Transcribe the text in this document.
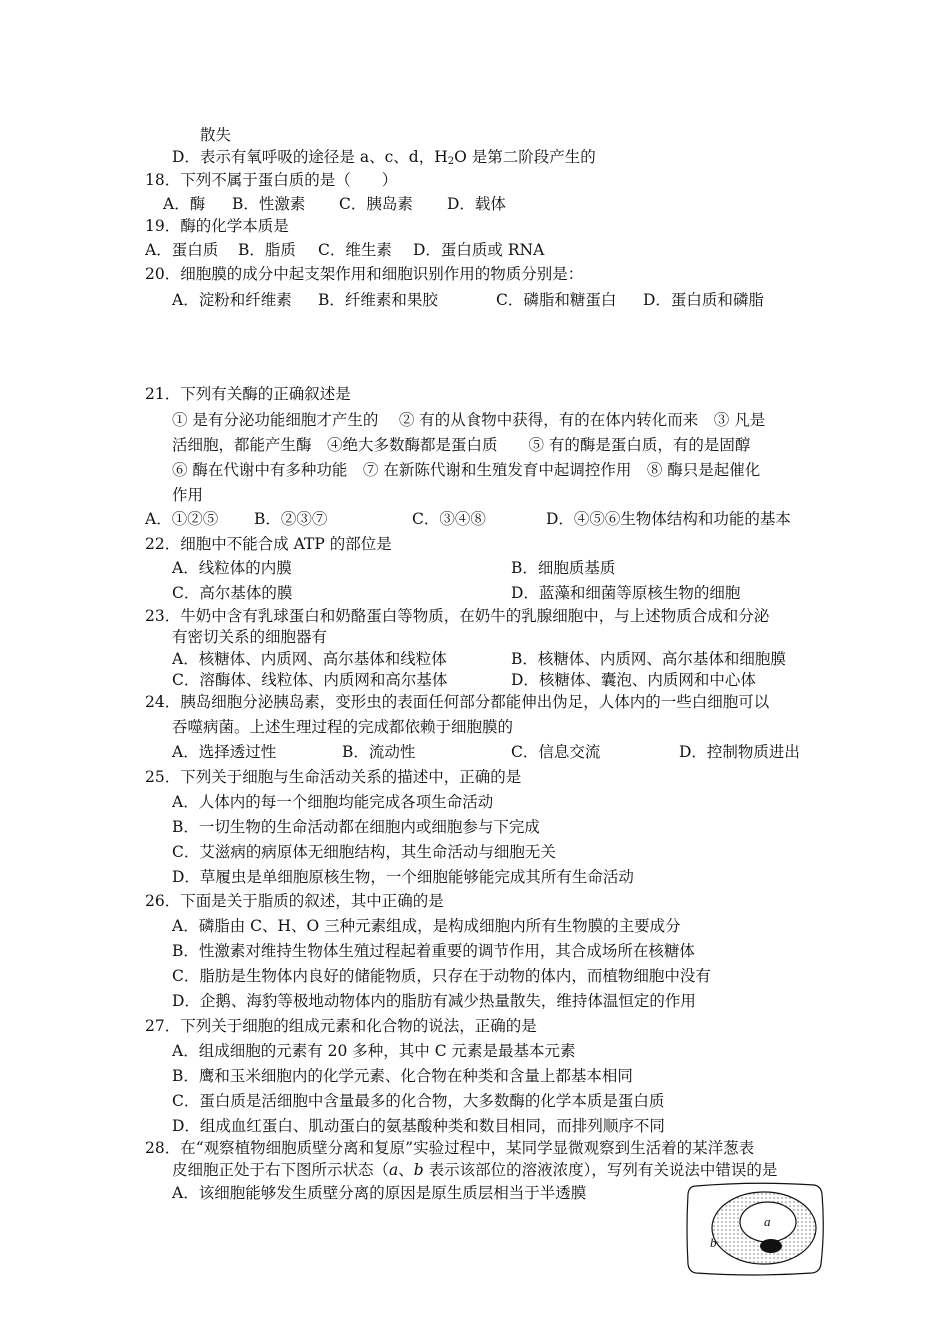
散失
D．表示有氧呼吸的途径是 a、c、d，$H_2O$ 是第二阶段产生的
18．下列不属于蛋白质的是（　　）
A．酶 B．性激素 C．胰岛素 D．载体
19．酶的化学本质是
A．蛋白质 B．脂质 C．维生素 D．蛋白质或 RNA
20．细胞膜的成分中起支架作用和细胞识别作用的物质分别是：
A．淀粉和纤维素 B．纤维素和果胶	C．磷脂和糖蛋白 D．蛋白质和磷脂
21．下列有关酶的正确叙述是
① 是有分泌功能细胞才产生的　 ② 有的从食物中获得，有的在体内转化而来　③ 凡是
活细胞，都能产生酶　④绝大多数酶都是蛋白质　　⑤ 有的酶是蛋白质，有的是固醇
⑥ 酶在代谢中有多种功能　⑦ 在新陈代谢和生殖发育中起调控作用　⑧ 酶只是起催化
作用
A．①②⑤ B．②③⑦	C．③④⑧	D．④⑤⑥生物体结构和功能的基本
22．细胞中不能合成 ATP 的部位是
A．线粒体的内膜	B．细胞质基质
C．高尔基体的膜	D．蓝藻和细菌等原核生物的细胞
23．牛奶中含有乳球蛋白和奶酪蛋白等物质，在奶牛的乳腺细胞中，与上述物质合成和分泌
有密切关系的细胞器有
A．核糖体、内质网、高尔基体和线粒体	B．核糖体、内质网、高尔基体和细胞膜
C．溶酶体、线粒体、内质网和高尔基体	D．核糖体、囊泡、内质网和中心体
24．胰岛细胞分泌胰岛素，变形虫的表面任何部分都能伸出伪足，人体内的一些白细胞可以
吞噬病菌。上述生理过程的完成都依赖于细胞膜的
A．选择透过性	B．流动性	C．信息交流	D．控制物质进出
25．下列关于细胞与生命活动关系的描述中，正确的是
A．人体内的每一个细胞均能完成各项生命活动
B．一切生物的生命活动都在细胞内或细胞参与下完成
C．艾滋病的病原体无细胞结构，其生命活动与细胞无关
D．草履虫是单细胞原核生物，一个细胞能够能完成其所有生命活动
26．下面是关于脂质的叙述，其中正确的是
A．磷脂由 C、H、O 三种元素组成，是构成细胞内所有生物膜的主要成分
B．性激素对维持生物体生殖过程起着重要的调节作用，其合成场所在核糖体
C．脂肪是生物体内良好的储能物质，只存在于动物的体内，而植物细胞中没有
D．企鹅、海豹等极地动物体内的脂肪有减少热量散失，维持体温恒定的作用
27．下列关于细胞的组成元素和化合物的说法，正确的是
A．组成细胞的元素有 20 多种，其中 C 元素是最基本元素
B．鹰和玉米细胞内的化学元素、化合物在种类和含量上都基本相同
C．蛋白质是活细胞中含量最多的化合物，大多数酶的化学本质是蛋白质
D．组成血红蛋白、肌动蛋白的氨基酸种类和数目相同，而排列顺序不同
28．在“观察植物细胞质壁分离和复原”实验过程中，某同学显微观察到生活着的某洋葱表
皮细胞正处于右下图所示状态（a、b 表示该部位的溶液浓度），写列有关说法中错误的是
A．该细胞能够发生质壁分离的原因是原生质层相当于半透膜
a
b
